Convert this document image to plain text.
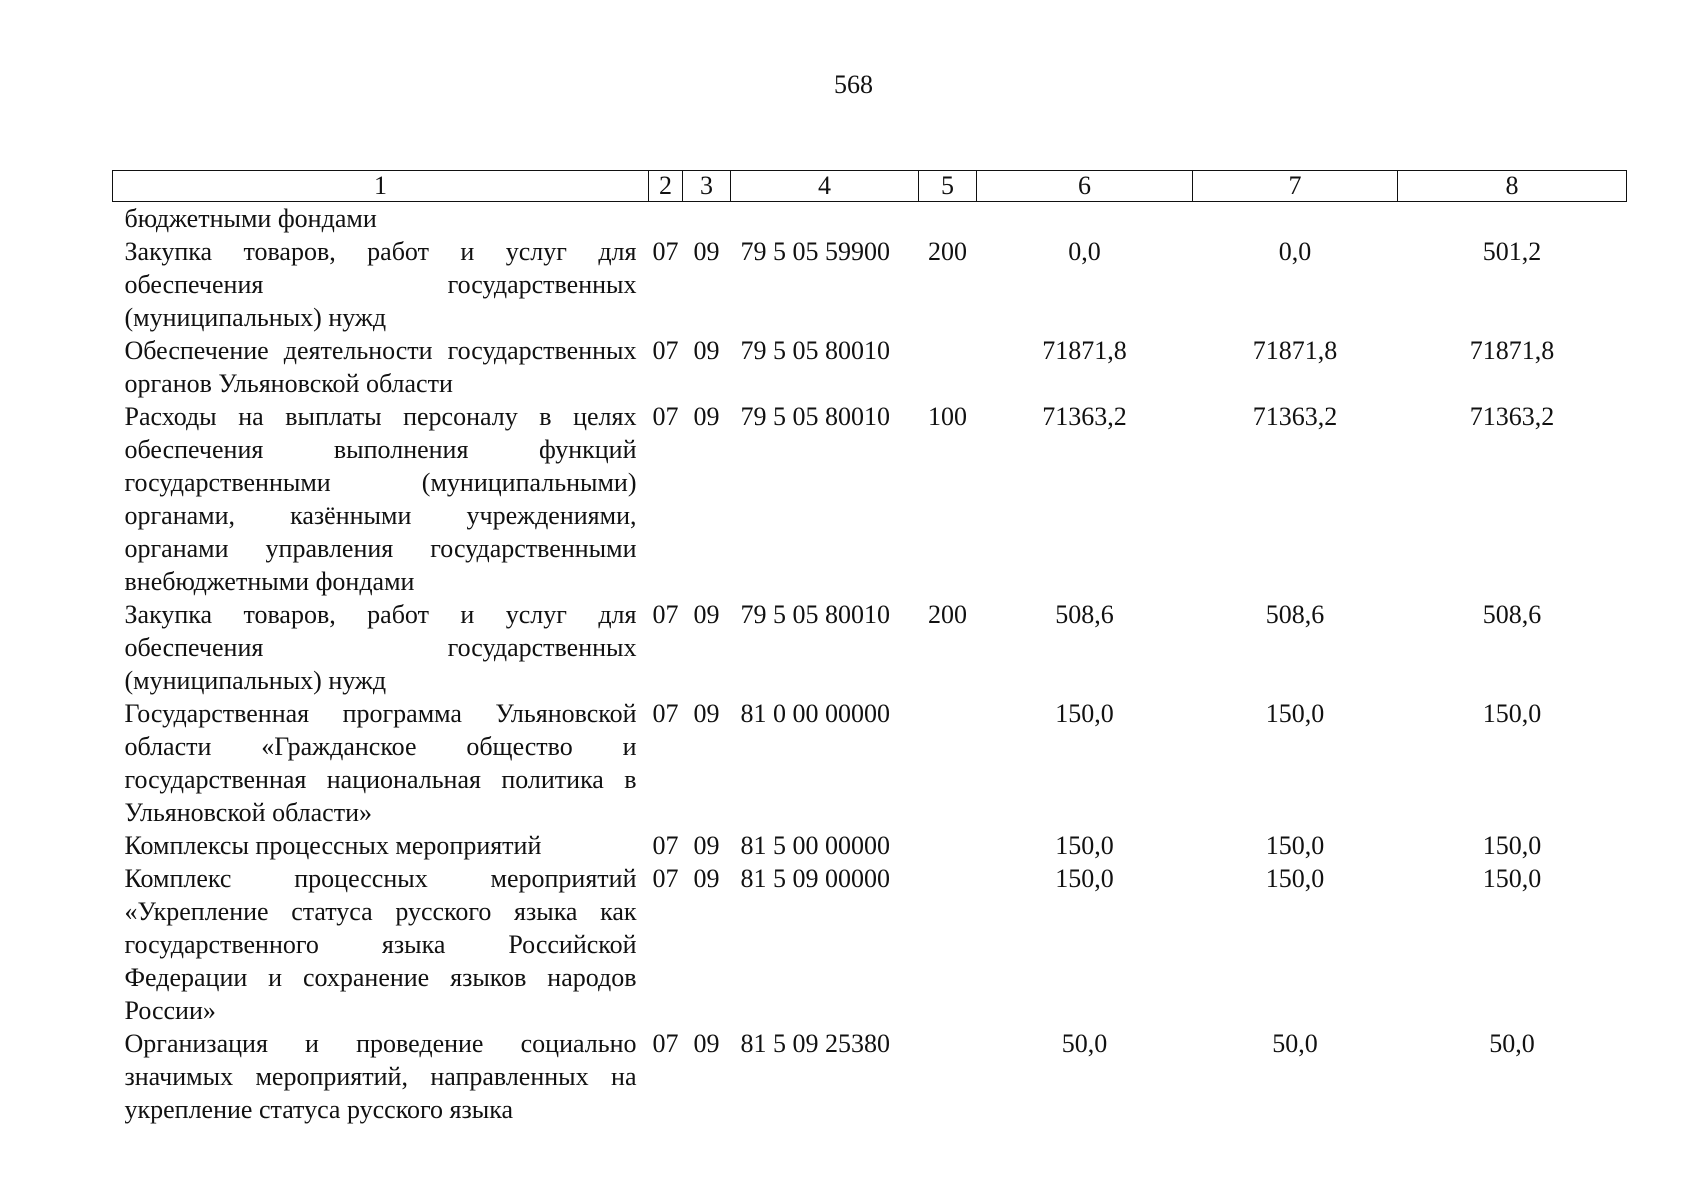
568
1	2	3	4	5	6	7	8
бюджетными фондами							
Закупка товаров, работ и услуг для обеспечения государственных (муниципальных) нужд	07	09	79 5 05 59900	200	0,0	0,0	501,2
Обеспечение деятельности государственных органов Ульяновской области	07	09	79 5 05 80010		71871,8	71871,8	71871,8
Расходы на выплаты персоналу в целях обеспечения выполнения функций государственными (муниципальными) органами, казёнными учреждениями, органами управления государственными внебюджетными фондами	07	09	79 5 05 80010	100	71363,2	71363,2	71363,2
Закупка товаров, работ и услуг для обеспечения государственных (муниципальных) нужд	07	09	79 5 05 80010	200	508,6	508,6	508,6
Государственная программа Ульяновской области «Гражданское общество и государственная национальная политика в Ульяновской области»	07	09	81 0 00 00000		150,0	150,0	150,0
Комплексы процессных мероприятий	07	09	81 5 00 00000		150,0	150,0	150,0
Комплекс процессных мероприятий «Укрепление статуса русского языка как государственного языка Российской Федерации и сохранение языков народов России»	07	09	81 5 09 00000		150,0	150,0	150,0
Организация и проведение социально значимых мероприятий, направленных на укрепление статуса русского языка	07	09	81 5 09 25380		50,0	50,0	50,0
